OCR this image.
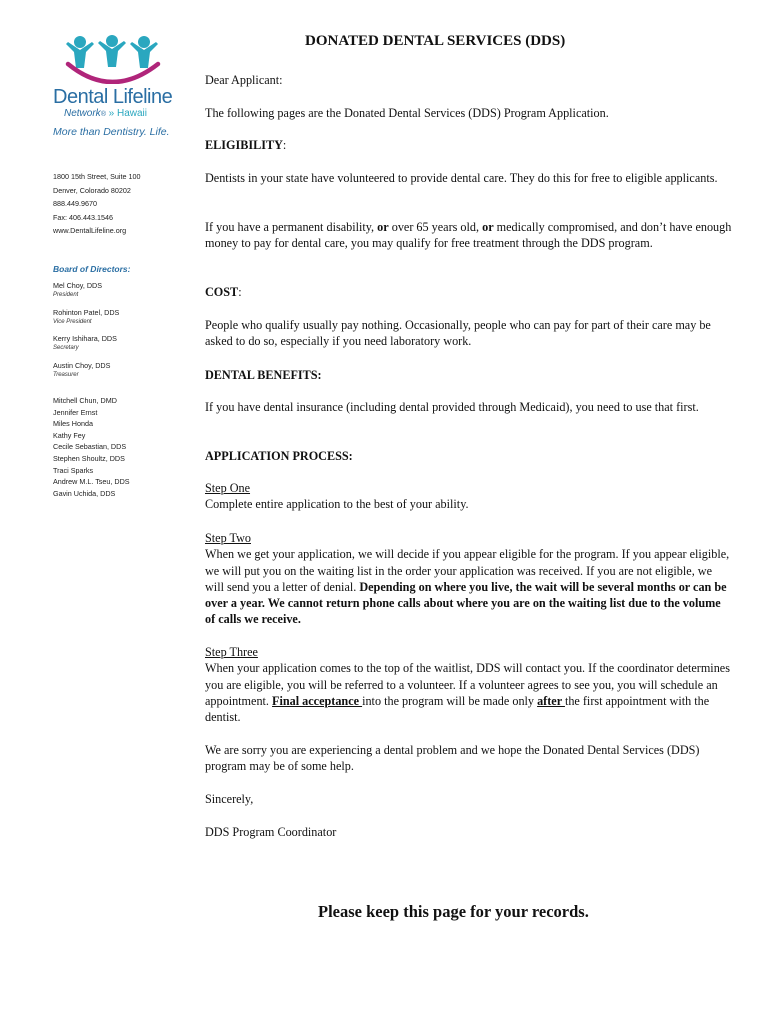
Dental Lifeline
Network® » Hawaii
More than Dentistry. Life.
1800 15th Street, Suite 100
Denver, Colorado 80202
888.449.9670
Fax: 406.443.1546
www.DentalLifeline.org
Board of Directors:
Mel Choy, DDS
President
Rohinton Patel, DDS
Vice President
Kerry Ishihara, DDS
Secretary
Austin Choy, DDS
Treasurer
Mitchell Chun, DMD
Jennifer Ernst
Miles Honda
Kathy Fey
Cecile Sebastian, DDS
Stephen Shoultz, DDS
Traci Sparks
Andrew M.L. Tseu, DDS
Gavin Uchida, DDS
DONATED DENTAL SERVICES (DDS)
Dear Applicant:
The following pages are the Donated Dental Services (DDS) Program Application.
ELIGIBILITY:
Dentists in your state have volunteered to provide dental care. They do this for free to eligible applicants.
If you have a permanent disability, or over 65 years old, or medically compromised, and don’t have enough money to pay for dental care, you may qualify for free treatment through the DDS program.
COST:
People who qualify usually pay nothing. Occasionally, people who can pay for part of their care may be asked to do so, especially if you need laboratory work.
DENTAL BENEFITS:
If you have dental insurance (including dental provided through Medicaid), you need to use that first.
APPLICATION PROCESS:

Step One

Complete entire application to the best of your ability.

Step Two

When we get your application, we will decide if you appear eligible for the program. If you appear eligible, we will put you on the waiting list in the order your application was received. If you are not eligible, we will send you a letter of denial. Depending on where you live, the wait will be several months or can be over a year. We cannot return phone calls about where you are on the waiting list due to the volume of calls we receive.

Step Three

When your application comes to the top of the waitlist, DDS will contact you. If the coordinator determines you are eligible, you will be referred to a volunteer. If a volunteer agrees to see you, you will schedule an appointment. Final acceptance into the program will be made only after the first appointment with the dentist.

We are sorry you are experiencing a dental problem and we hope the Donated Dental Services (DDS) program may be of some help.
Sincerely,
DDS Program Coordinator
Please keep this page for your records.
